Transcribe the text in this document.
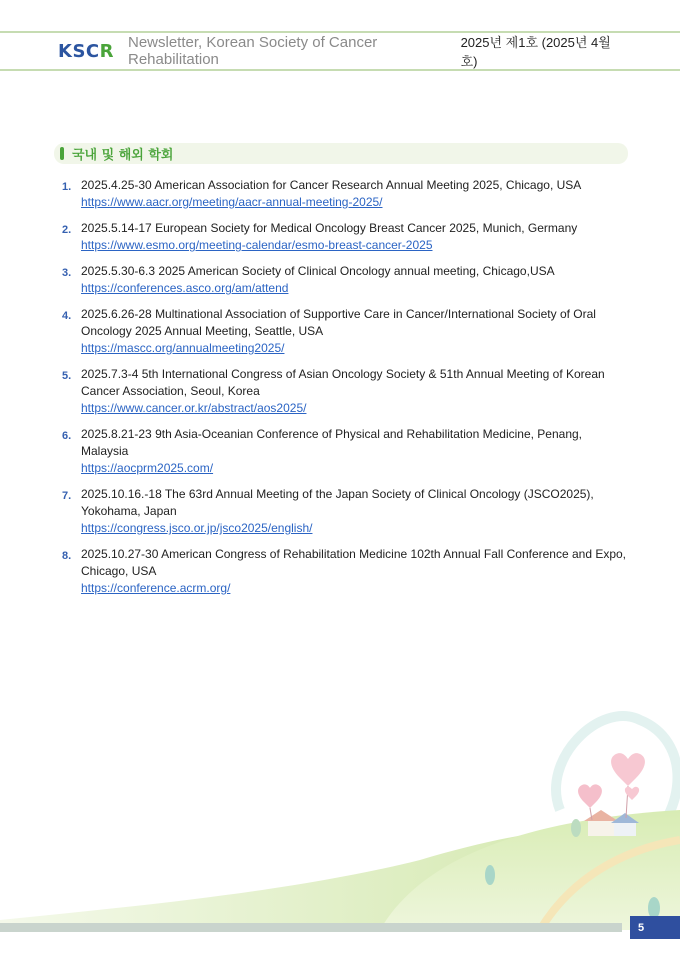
KSCR Newsletter, Korean Society of Cancer Rehabilitation
2025년 제1호 (2025년 4월호)
국내 및 해외 학회
1. 2025.4.25-30 American Association for Cancer Research Annual Meeting 2025, Chicago, USA
https://www.aacr.org/meeting/aacr-annual-meeting-2025/
2. 2025.5.14-17 European Society for Medical Oncology Breast Cancer 2025, Munich, Germany
https://www.esmo.org/meeting-calendar/esmo-breast-cancer-2025
3. 2025.5.30-6.3 2025 American Society of Clinical Oncology annual meeting, Chicago,USA
https://conferences.asco.org/am/attend
4. 2025.6.26-28 Multinational Association of Supportive Care in Cancer/International Society of Oral Oncology 2025 Annual Meeting, Seattle, USA
https://mascc.org/annualmeeting2025/
5. 2025.7.3-4 5th International Congress of Asian Oncology Society & 51th Annual Meeting of Korean Cancer Association, Seoul, Korea
https://www.cancer.or.kr/abstract/aos2025/
6. 2025.8.21-23 9th Asia-Oceanian Conference of Physical and Rehabilitation Medicine, Penang, Malaysia
https://aocprm2025.com/
7. 2025.10.16.-18 The 63rd Annual Meeting of the Japan Society of Clinical Oncology (JSCO2025), Yokohama, Japan
https://congress.jsco.or.jp/jsco2025/english/
8. 2025.10.27-30 American Congress of Rehabilitation Medicine 102th Annual Fall Conference and Expo, Chicago, USA
https://conference.acrm.org/
5
